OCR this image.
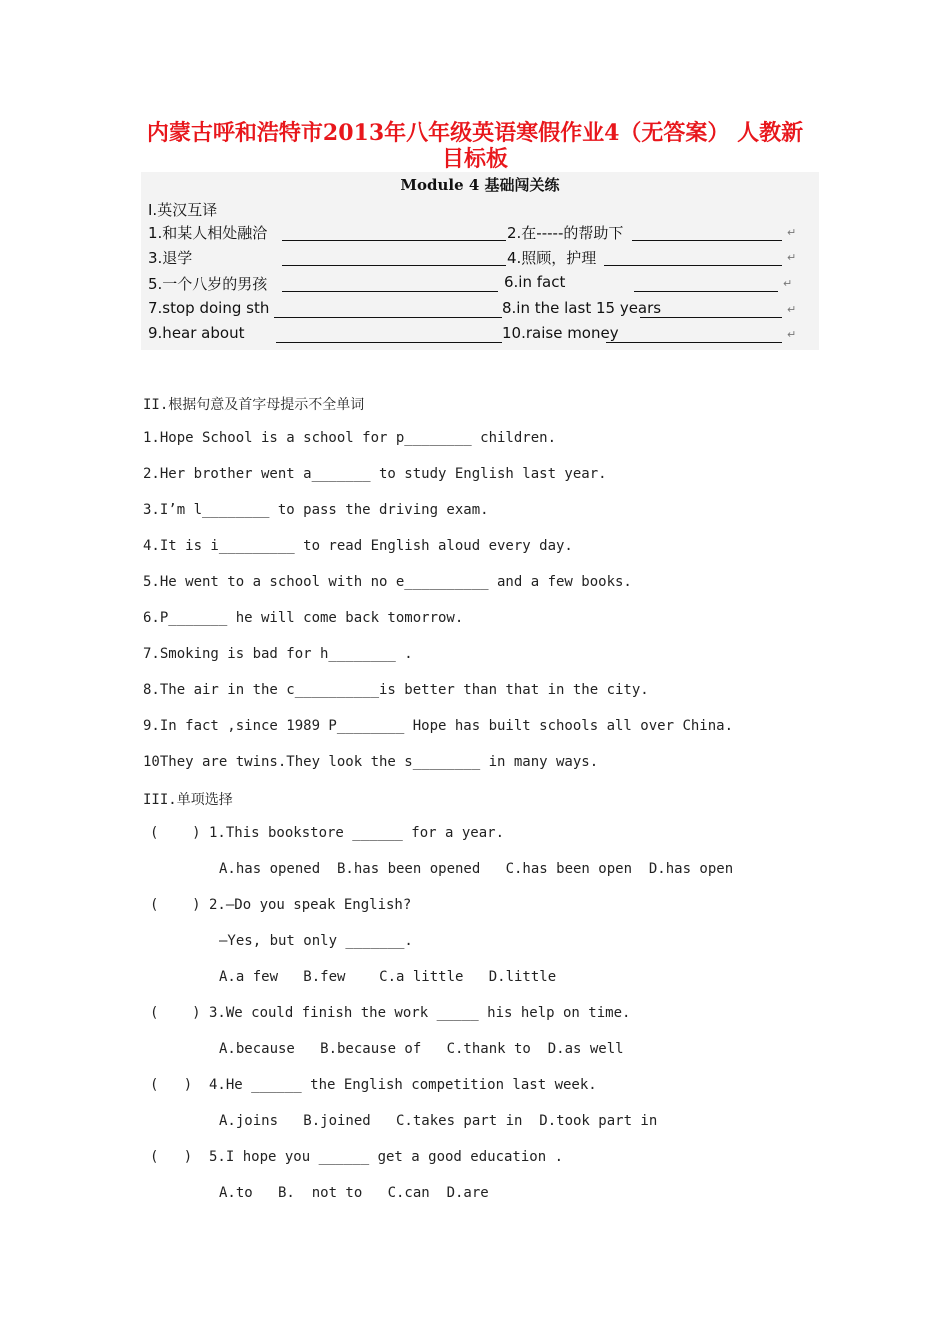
内蒙古呼和浩特市2013年八年级英语寒假作业4（无答案） 人教新
目标板
Module 4 基础闯关练
I.英汉互译
1.和某人相处融洽	2.在-----的帮助下	↵
3.退学	4.照顾，护理	↵
5.一个八岁的男孩	6.in fact	↵
7.stop doing sth	8.in the last 15 years	↵
9.hear about	10.raise money	↵
II.根据句意及首字母提示不全单词
1.Hope School is a school for p________ children.
2.Her brother went a_______ to study English last year.
3.I’m l________ to pass the driving exam.
4.It is i_________ to read English aloud every day.
5.He went to a school with no e__________ and a few books.
6.P_______ he will come back tomorrow.
7.Smoking is bad for h________ .
8.The air in the c__________is better than that in the city.
9.In fact ,since 1989 P________ Hope has built schools all over China.
10They are twins.They look the s________ in many ways.
III.单项选择
(    ) 1.This bookstore ______ for a year.
A.has opened  B.has been opened   C.has been open  D.has open
(    ) 2.—Do you speak English?
—Yes, but only _______.
A.a few   B.few    C.a little   D.little
(    ) 3.We could finish the work _____ his help on time.
A.because   B.because of   C.thank to  D.as well
(   )  4.He ______ the English competition last week.
A.joins   B.joined   C.takes part in  D.took part in
(   )  5.I hope you ______ get a good education .
A.to   B.  not to   C.can  D.are
